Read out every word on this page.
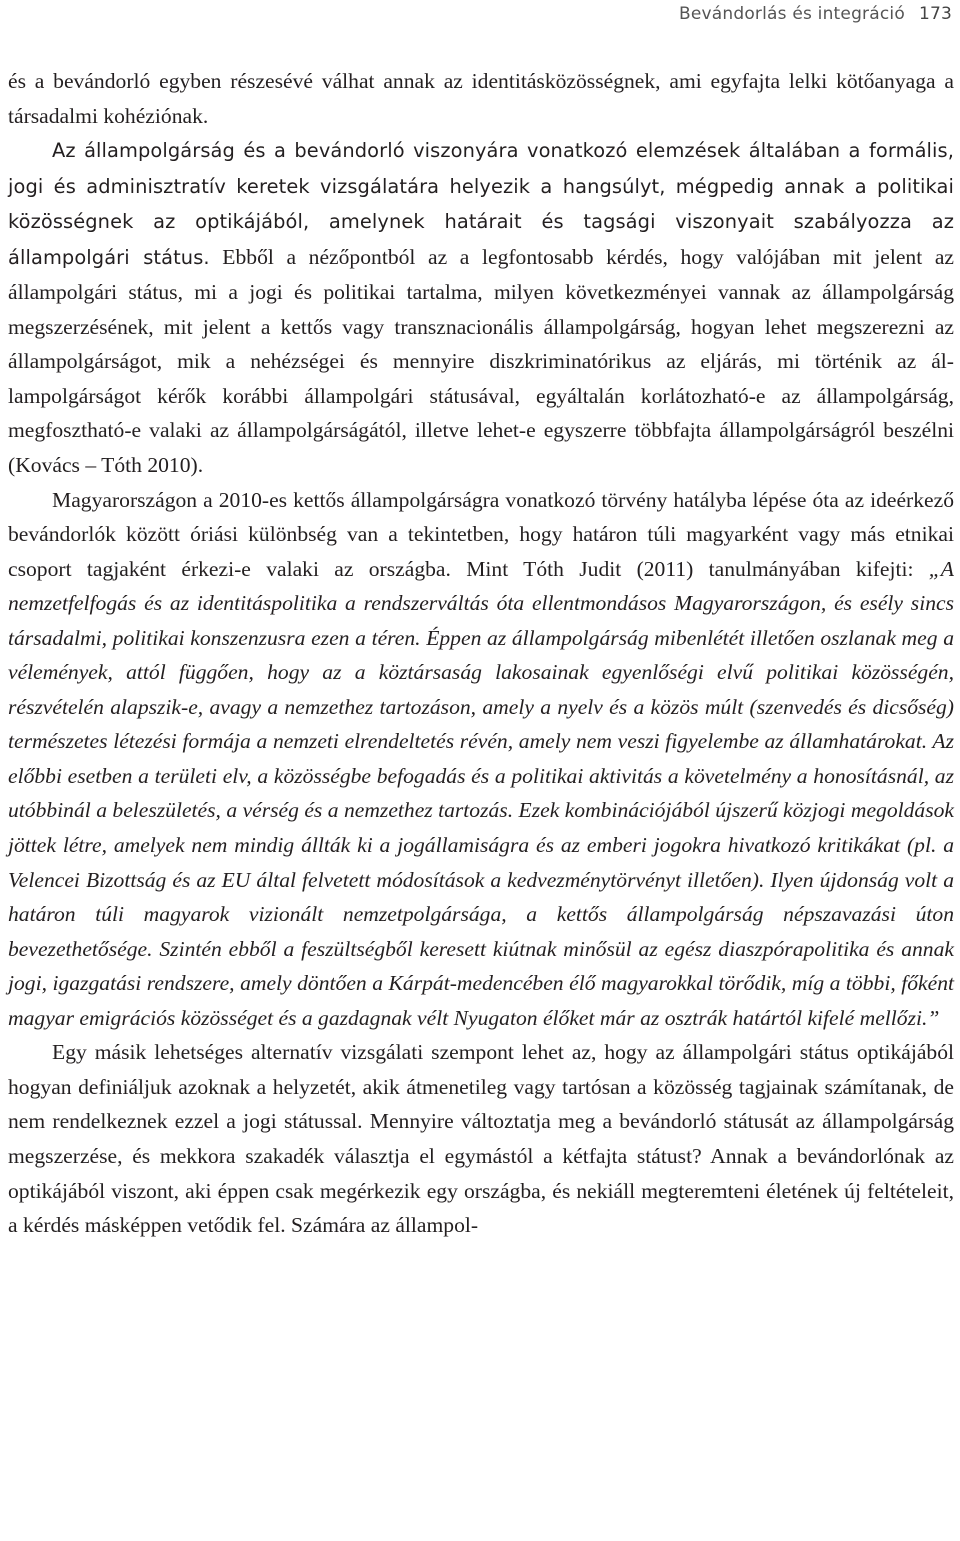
Bevándorlás és integráció 173

és a bevándorló egyben részesévé válhat annak az identitásközösségnek, ami egyfajta lelki kötőanyaga a társadalmi kohéziónak.

Az állampolgárság és a bevándorló viszonyára vonatkozó elemzések általában a formális, jogi és adminisztratív keretek vizsgálatára helyezik a hangsúlyt, mégpedig annak a politikai közösségnek az optikájából, amelynek határait és tagsági viszonyait szabályozza az állampolgári státus. Ebből a nézőpontból az a legfontosabb kérdés, hogy valójában mit jelent az állampolgári státus, mi a jogi és politikai tartalma, milyen következményei vannak az állampolgárság megszerzésének, mit jelent a kettős vagy transznacionális állampolgárság, hogyan lehet megszerezni az állampolgárságot, mik a nehézségei és mennyire diszkriminatórikus az eljárás, mi történik az állampolgárságot kérők korábbi állampolgári státusával, egyáltalán korlátozható-e az állampolgárság, megfosztható-e valaki az állampolgárságától, illetve lehet-e egyszerre többfajta állampolgárságról beszélni (Kovács – Tóth 2010).

Magyarországon a 2010-es kettős állampolgárságra vonatkozó törvény hatályba lépése óta az ideérkező bevándorlók között óriási különbség van a tekintetben, hogy határon túli magyarként vagy más etnikai csoport tagjaként érkezi-e valaki az országba. Mint Tóth Judit (2011) tanulmányában kifejti: „A nemzetfelfogás és az identitáspolitika a rendszerváltás óta ellentmondásos Magyarországon, és esély sincs társadalmi, politikai konszenzusra ezen a téren. Éppen az állampolgárság mibenlétét illetően oszlanak meg a vélemények, attól függően, hogy az a köztársaság lakosainak egyenlőségi elvű politikai közösségén, részvételén alapszik-e, avagy a nemzethez tartozáson, amely a nyelv és a közös múlt (szenvedés és dicsőség) természetes létezési formája a nemzeti elrendeltetés révén, amely nem veszi figyelembe az államhatárokat. Az előbbi esetben a területi elv, a közösségbe befogadás és a politikai aktivitás a követelmény a honosításnál, az utóbbinál a beleszületés, a vérség és a nemzethez tartozás. Ezek kombinációjából újszerű közjogi megoldások jöttek létre, amelyek nem mindig állták ki a jogállamiságra és az emberi jogokra hivatkozó kritikákat (pl. a Velencei Bizottság és az EU által felvetett módosítások a kedvezménytörvényt illetően). Ilyen újdonság volt a határon túli magyarok vizionált nemzetpolgársága, a kettős állampolgárság népszavazási úton bevezethetősége. Szintén ebből a feszültségből keresett kiútnak minősül az egész diaszpórapolitika és annak jogi, igazgatási rendszere, amely döntően a Kárpát-medencében élő magyarokkal törődik, míg a többi, főként magyar emigrációs közösséget és a gazdagnak vélt Nyugaton élőket már az osztrák határtól kifelé mellőzi.”

Egy másik lehetséges alternatív vizsgálati szempont lehet az, hogy az állampolgári státus optikájából hogyan definiáljuk azoknak a helyzetét, akik átmenetileg vagy tartósan a közösség tagjainak számítanak, de nem rendelkeznek ezzel a jogi státussal. Mennyire változtatja meg a bevándorló státusát az állampolgárság megszerzése, és mekkora szakadék választja el egymástól a kétfajta státust? Annak a bevándorlónak az optikájából viszont, aki éppen csak megérkezik egy országba, és nekiáll megteremteni életének új feltételeit, a kérdés másképpen vetődik fel. Számára az állampol-
